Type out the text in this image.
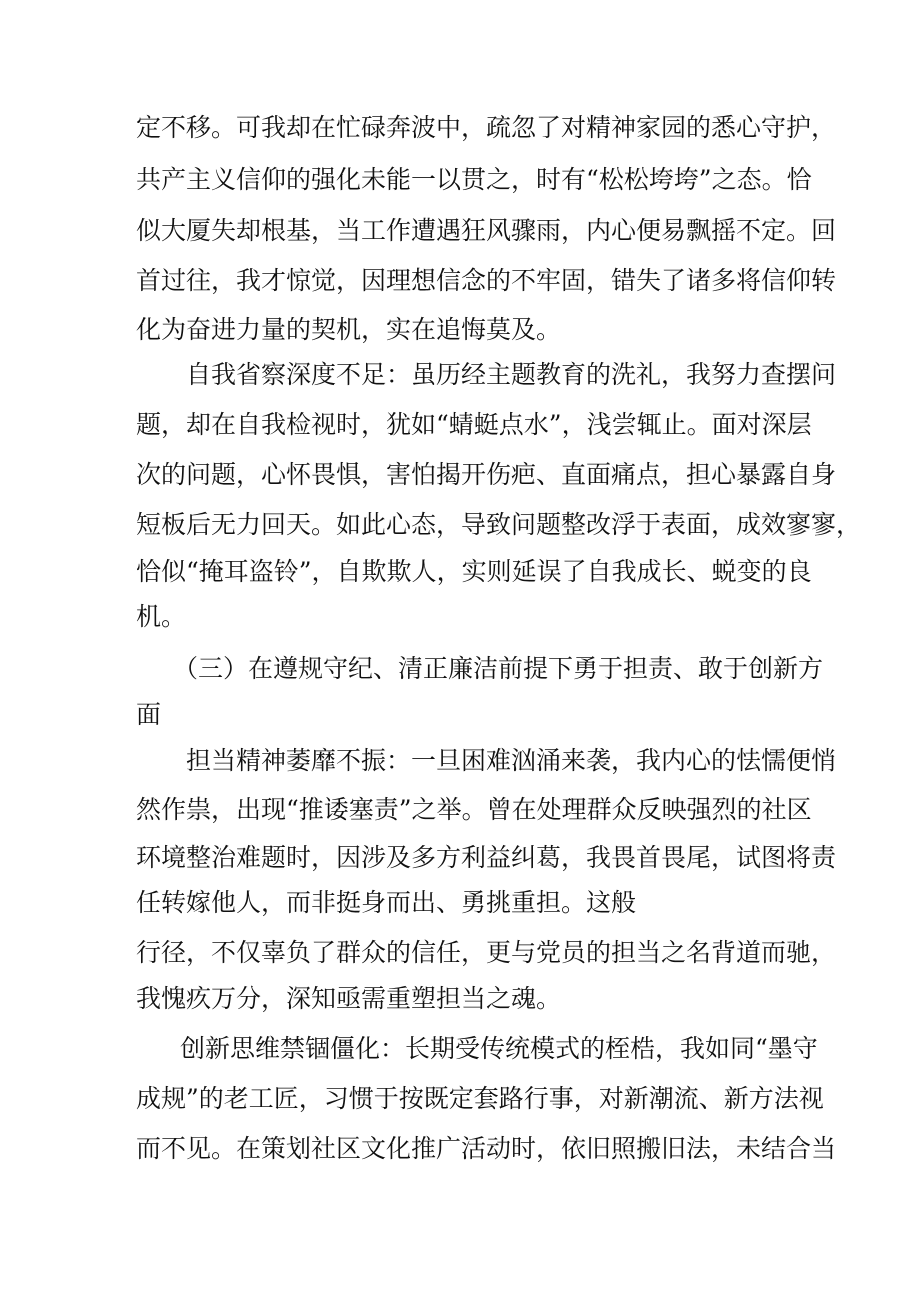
定不移。可我却在忙碌奔波中，疏忽了对精神家园的悉心守护，

共产主义信仰的强化未能一以贯之，时有“松松垮垮”之态。恰

似大厦失却根基，当工作遭遇狂风骤雨，内心便易飘摇不定。回

首过往，我才惊觉，因理想信念的不牢固，错失了诸多将信仰转

化为奋进力量的契机，实在追悔莫及。

自我省察深度不足：虽历经主题教育的洗礼，我努力查摆问

题，却在自我检视时，犹如“蜻蜓点水”，浅尝辄止。面对深层

次的问题，心怀畏惧，害怕揭开伤疤、直面痛点，担心暴露自身

短板后无力回天。如此心态，导致问题整改浮于表面，成效寥寥，

恰似“掩耳盗铃”，自欺欺人，实则延误了自我成长、蜕变的良

机。

（三）在遵规守纪、清正廉洁前提下勇于担责、敢于创新方

面

担当精神萎靡不振：一旦困难汹涌来袭，我内心的怯懦便悄

然作祟，出现“推诿塞责”之举。曾在处理群众反映强烈的社区

环境整治难题时，因涉及多方利益纠葛，我畏首畏尾，试图将责

任转嫁他人，而非挺身而出、勇挑重担。这般

行径，不仅辜负了群众的信任，更与党员的担当之名背道而驰，

我愧疚万分，深知亟需重塑担当之魂。

创新思维禁锢僵化：长期受传统模式的桎梏，我如同“墨守

成规”的老工匠，习惯于按既定套路行事，对新潮流、新方法视

而不见。在策划社区文化推广活动时，依旧照搬旧法，未结合当
